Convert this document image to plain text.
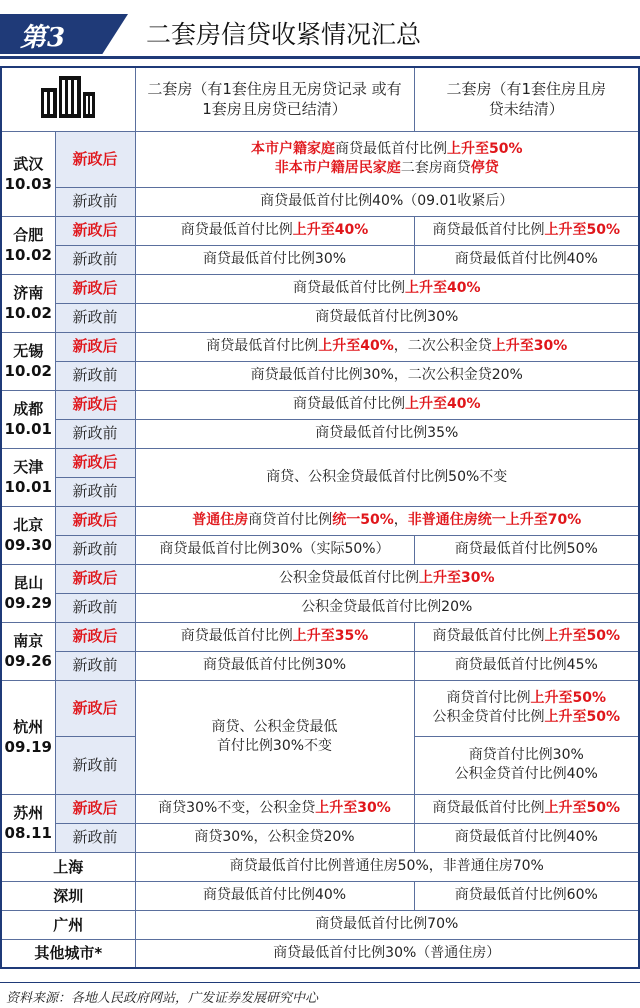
第3	二套房信贷收紧情况汇总
	二套房（有1套住房且无房贷记录 或有1套房且房贷已结清）	二套房（有1套住房且房贷未结清）
武汉
10.03	新政后	本市户籍家庭商贷最低首付比例上升至50%
非本市户籍居民家庭二套房商贷停贷	
	新政前	商贷最低首付比例40%（09.01收紧后）	
合肥
10.02	新政后	商贷最低首付比例上升至40%	商贷最低首付比例上升至50%
	新政前	商贷最低首付比例30%	商贷最低首付比例40%
济南
10.02	新政后	商贷最低首付比例上升至40%	
	新政前	商贷最低首付比例30%	
无锡
10.02	新政后	商贷最低首付比例上升至40%，二次公积金贷上升至30%	
	新政前	商贷最低首付比例30%，二次公积金贷20%	
成都
10.01	新政后	商贷最低首付比例上升至40%	
	新政前	商贷最低首付比例35%	
天津
10.01	新政后	商贷、公积金贷最低首付比例50%不变	
	新政前		
北京
09.30	新政后	普通住房商贷首付比例统一50%，非普通住房统一上升至70%	
	新政前	商贷最低首付比例30%（实际50%）	商贷最低首付比例50%
昆山
09.29	新政后	公积金贷最低首付比例上升至30%	
	新政前	公积金贷最低首付比例20%	
南京
09.26	新政后	商贷最低首付比例上升至35%	商贷最低首付比例上升至50%
	新政前	商贷最低首付比例30%	商贷最低首付比例45%
杭州
09.19	新政后	商贷、公积金贷最低
首付比例30%不变	商贷首付比例上升至50%
公积金贷首付比例上升至50%
	新政前		商贷首付比例30%
公积金贷首付比例40%
苏州
08.11	新政后	商贷30%不变，公积金贷上升至30%	商贷最低首付比例上升至50%
	新政前	商贷30%，公积金贷20%	商贷最低首付比例40%
上海		商贷最低首付比例普通住房50%，非普通住房70%	
深圳		商贷最低首付比例40%	商贷最低首付比例60%
广州		商贷最低首付比例70%	
其他城市*		商贷最低首付比例30%（普通住房）	
资料来源：各地人民政府网站，广发证券发展研究中心
